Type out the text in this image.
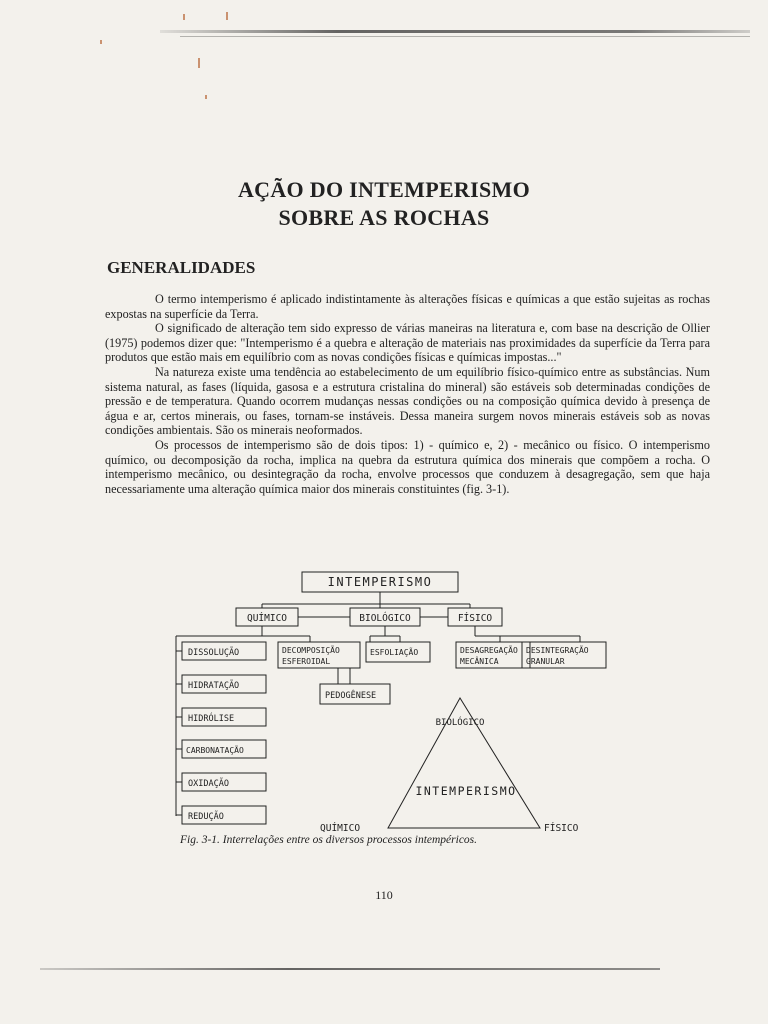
AÇÃO DO INTEMPERISMO
SOBRE AS ROCHAS
GENERALIDADES

O termo intemperismo é aplicado indistintamente às alterações físicas e químicas a que estão sujeitas as rochas expostas na superfície da Terra.

O significado de alteração tem sido expresso de várias maneiras na literatura e, com base na descrição de Ollier (1975) podemos dizer que: "Intemperismo é a quebra e alteração de materiais nas proximidades da superfície da Terra para produtos que estão mais em equilíbrio com as novas condições físicas e químicas impostas..."

Na natureza existe uma tendência ao estabelecimento de um equilíbrio físico-químico entre as substâncias. Num sistema natural, as fases (líquida, gasosa e a estrutura cristalina do mineral) são estáveis sob determinadas condições de pressão e de temperatura. Quando ocorrem mudanças nessas condições ou na composição química devido à presença de água e ar, certos minerais, ou fases, tornam-se instáveis. Dessa maneira surgem novos minerais estáveis sob as novas condições ambientais. São os minerais neoformados.

Os processos de intemperismo são de dois tipos: 1) - químico e, 2) - mecânico ou físico. O intemperismo químico, ou decomposição da rocha, implica na quebra da estrutura química dos minerais que compõem a rocha. O intemperismo mecânico, ou desintegração da rocha, envolve processos que conduzem à desagregação, sem que haja necessariamente uma alteração química maior dos minerais constituintes (fig. 3-1).

INTEMPERISMO
QUÍMICO	BIOLÓGICO	FÍSICO
DISSOLUÇÃO
HIDRATAÇÃO
HIDRÓLISE
CARBONATAÇÃO
OXIDAÇÃO
REDUÇÃO
DECOMPOSIÇÃO
ESFEROIDAL
ESFOLIAÇÃO	DESAGREGAÇÃO
MECÂNICA
DESINTEGRAÇÃO
GRANULAR
PEDOGÊNESE
BIOLÓGICO
INTEMPERISMO
QUÍMICO	FÍSICO
Fig. 3-1. Interrelações entre os diversos processos intempéricos.
110
